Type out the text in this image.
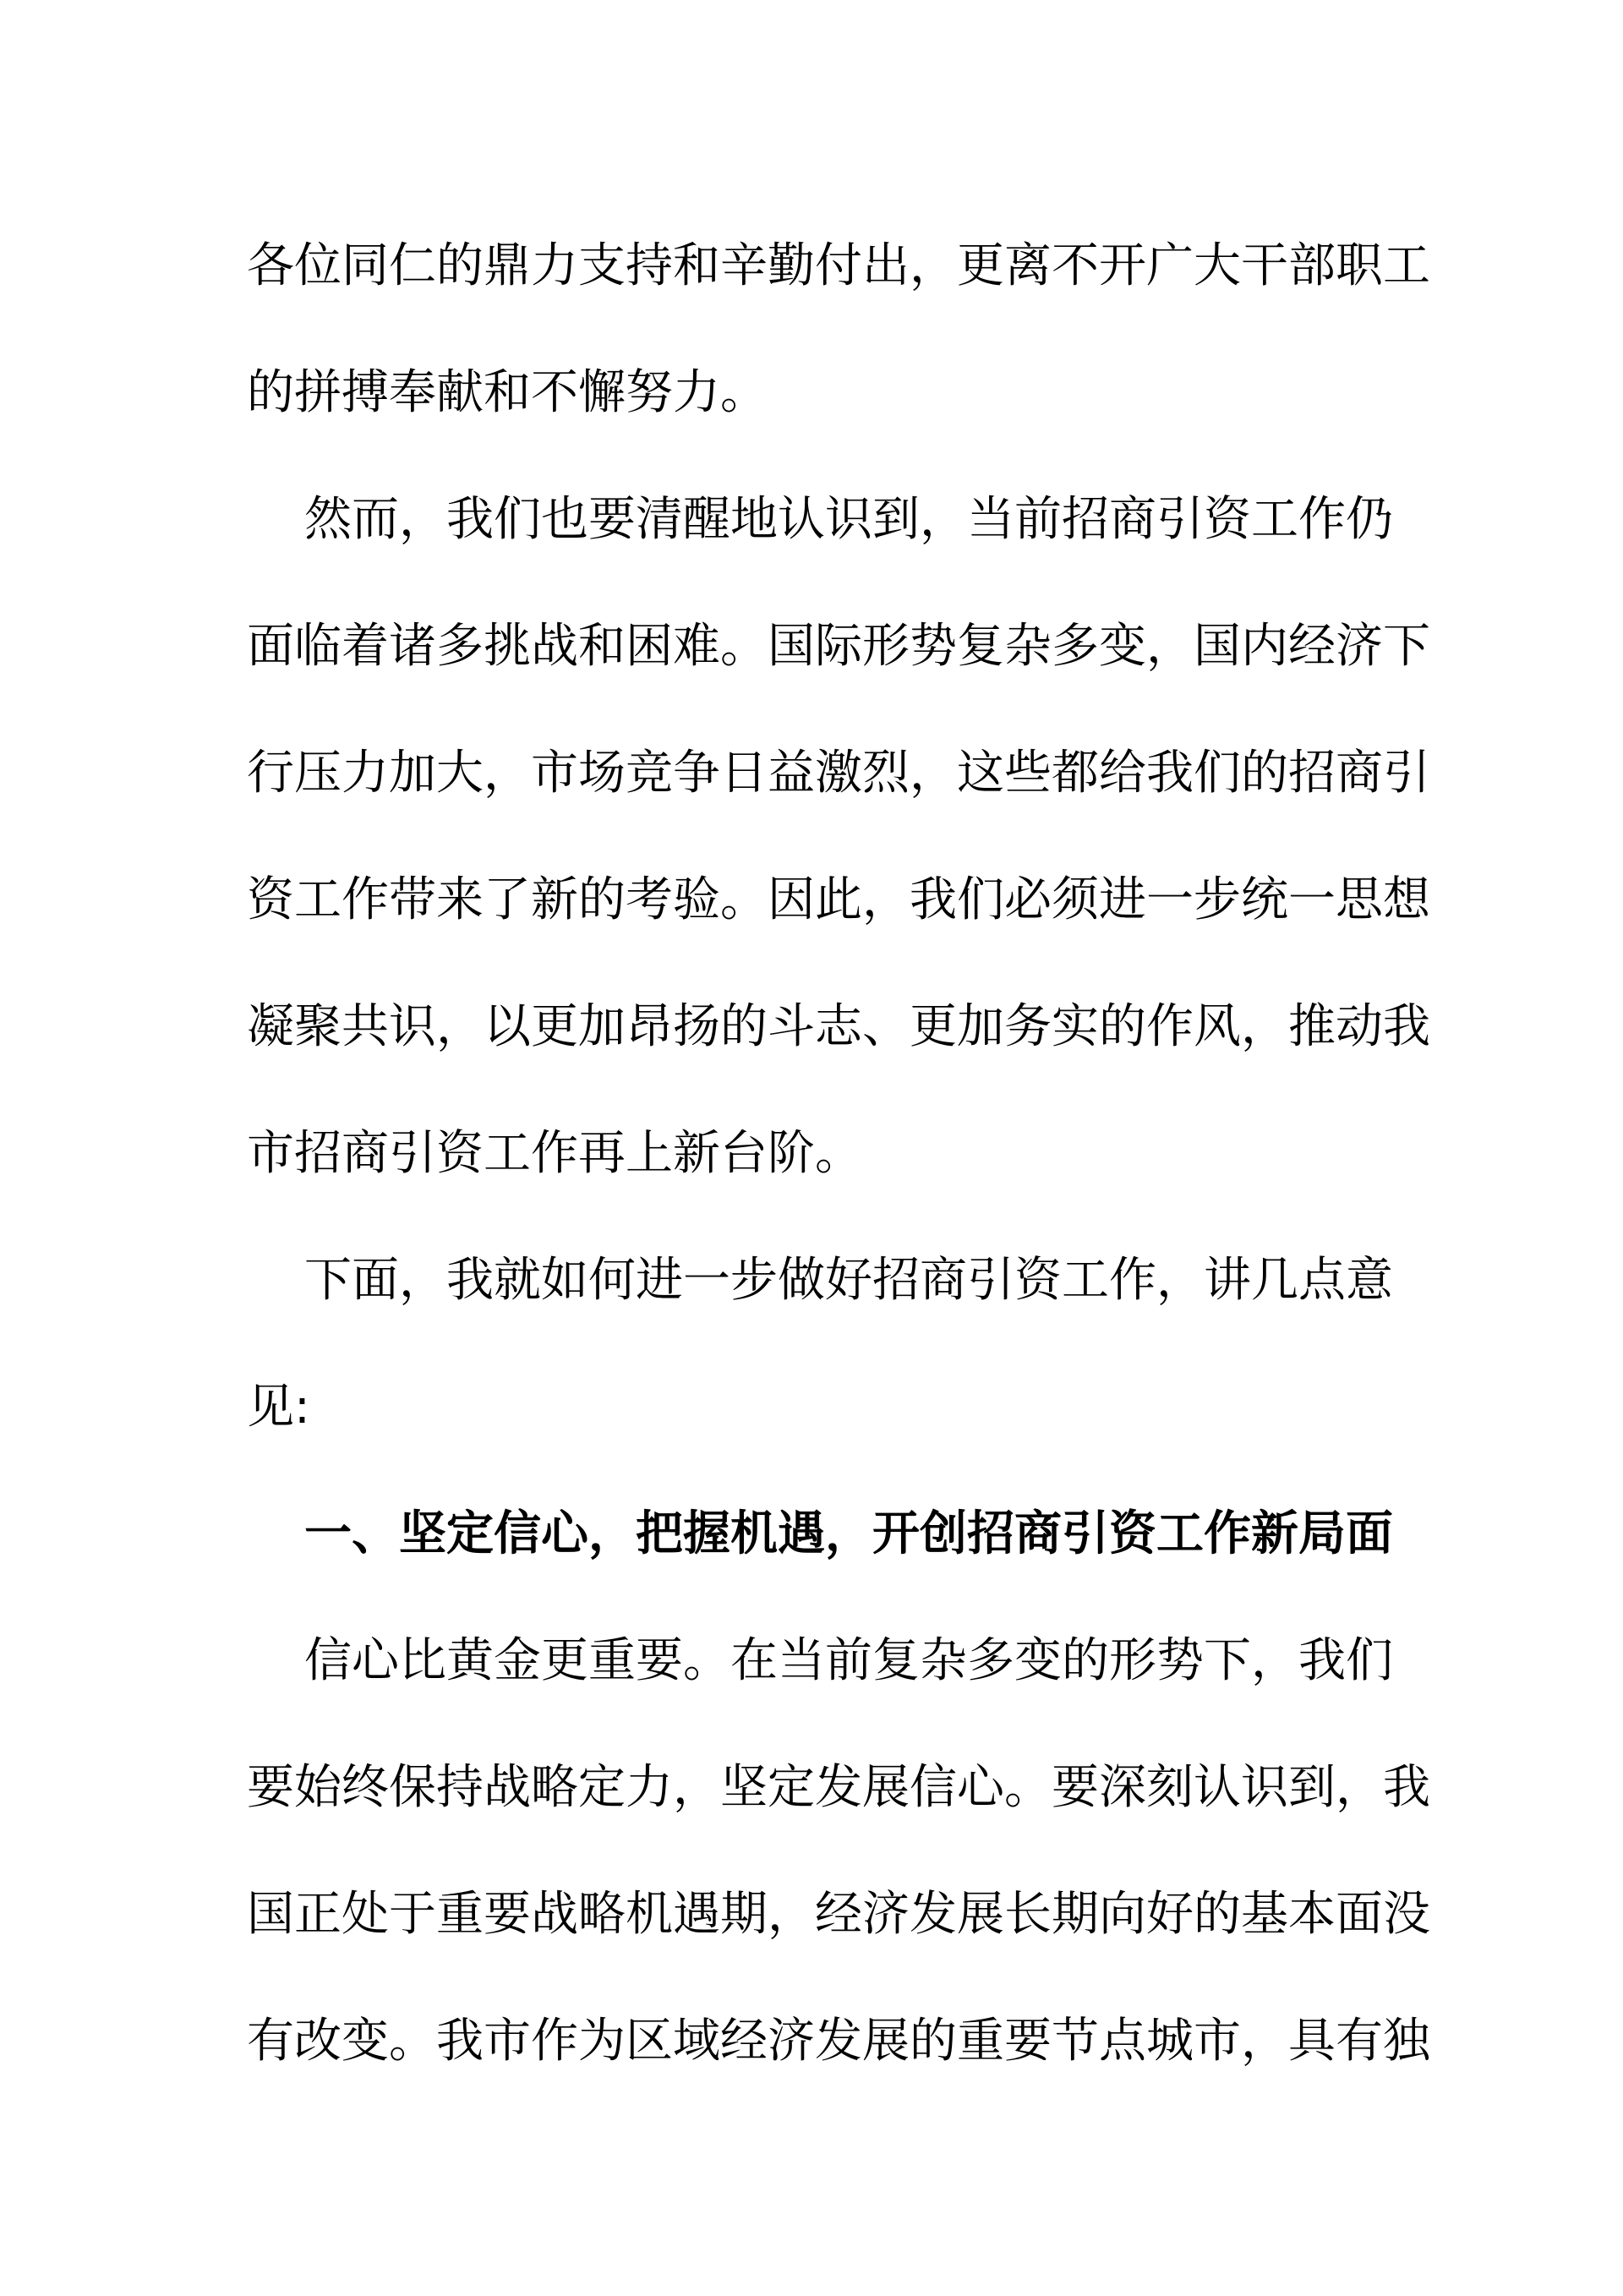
各位同仁的鼎力支持和辛勤付出，更离不开广大干部职工
的拼搏奉献和不懈努力。
然而，我们也要清醒地认识到，当前招商引资工作仍
面临着诸多挑战和困难。国际形势复杂多变，国内经济下
行压力加大，市场竞争日益激烈，这些都给我们的招商引
资工作带来了新的考验。因此，我们必须进一步统一思想
凝聚共识，以更加昂扬的斗志、更加务实的作风，推动我
市招商引资工作再上新台阶。
下面，我就如何进一步做好招商引资工作，讲几点意
见:
一、坚定信心，把握机遇，开创招商引资工作新局面
信心比黄金更重要。在当前复杂多变的形势下，我们
要始终保持战略定力，坚定发展信心。要深刻认识到，我
国正处于重要战略机遇期，经济发展长期向好的基本面没
有改变。我市作为区域经济发展的重要节点城市，具有独
